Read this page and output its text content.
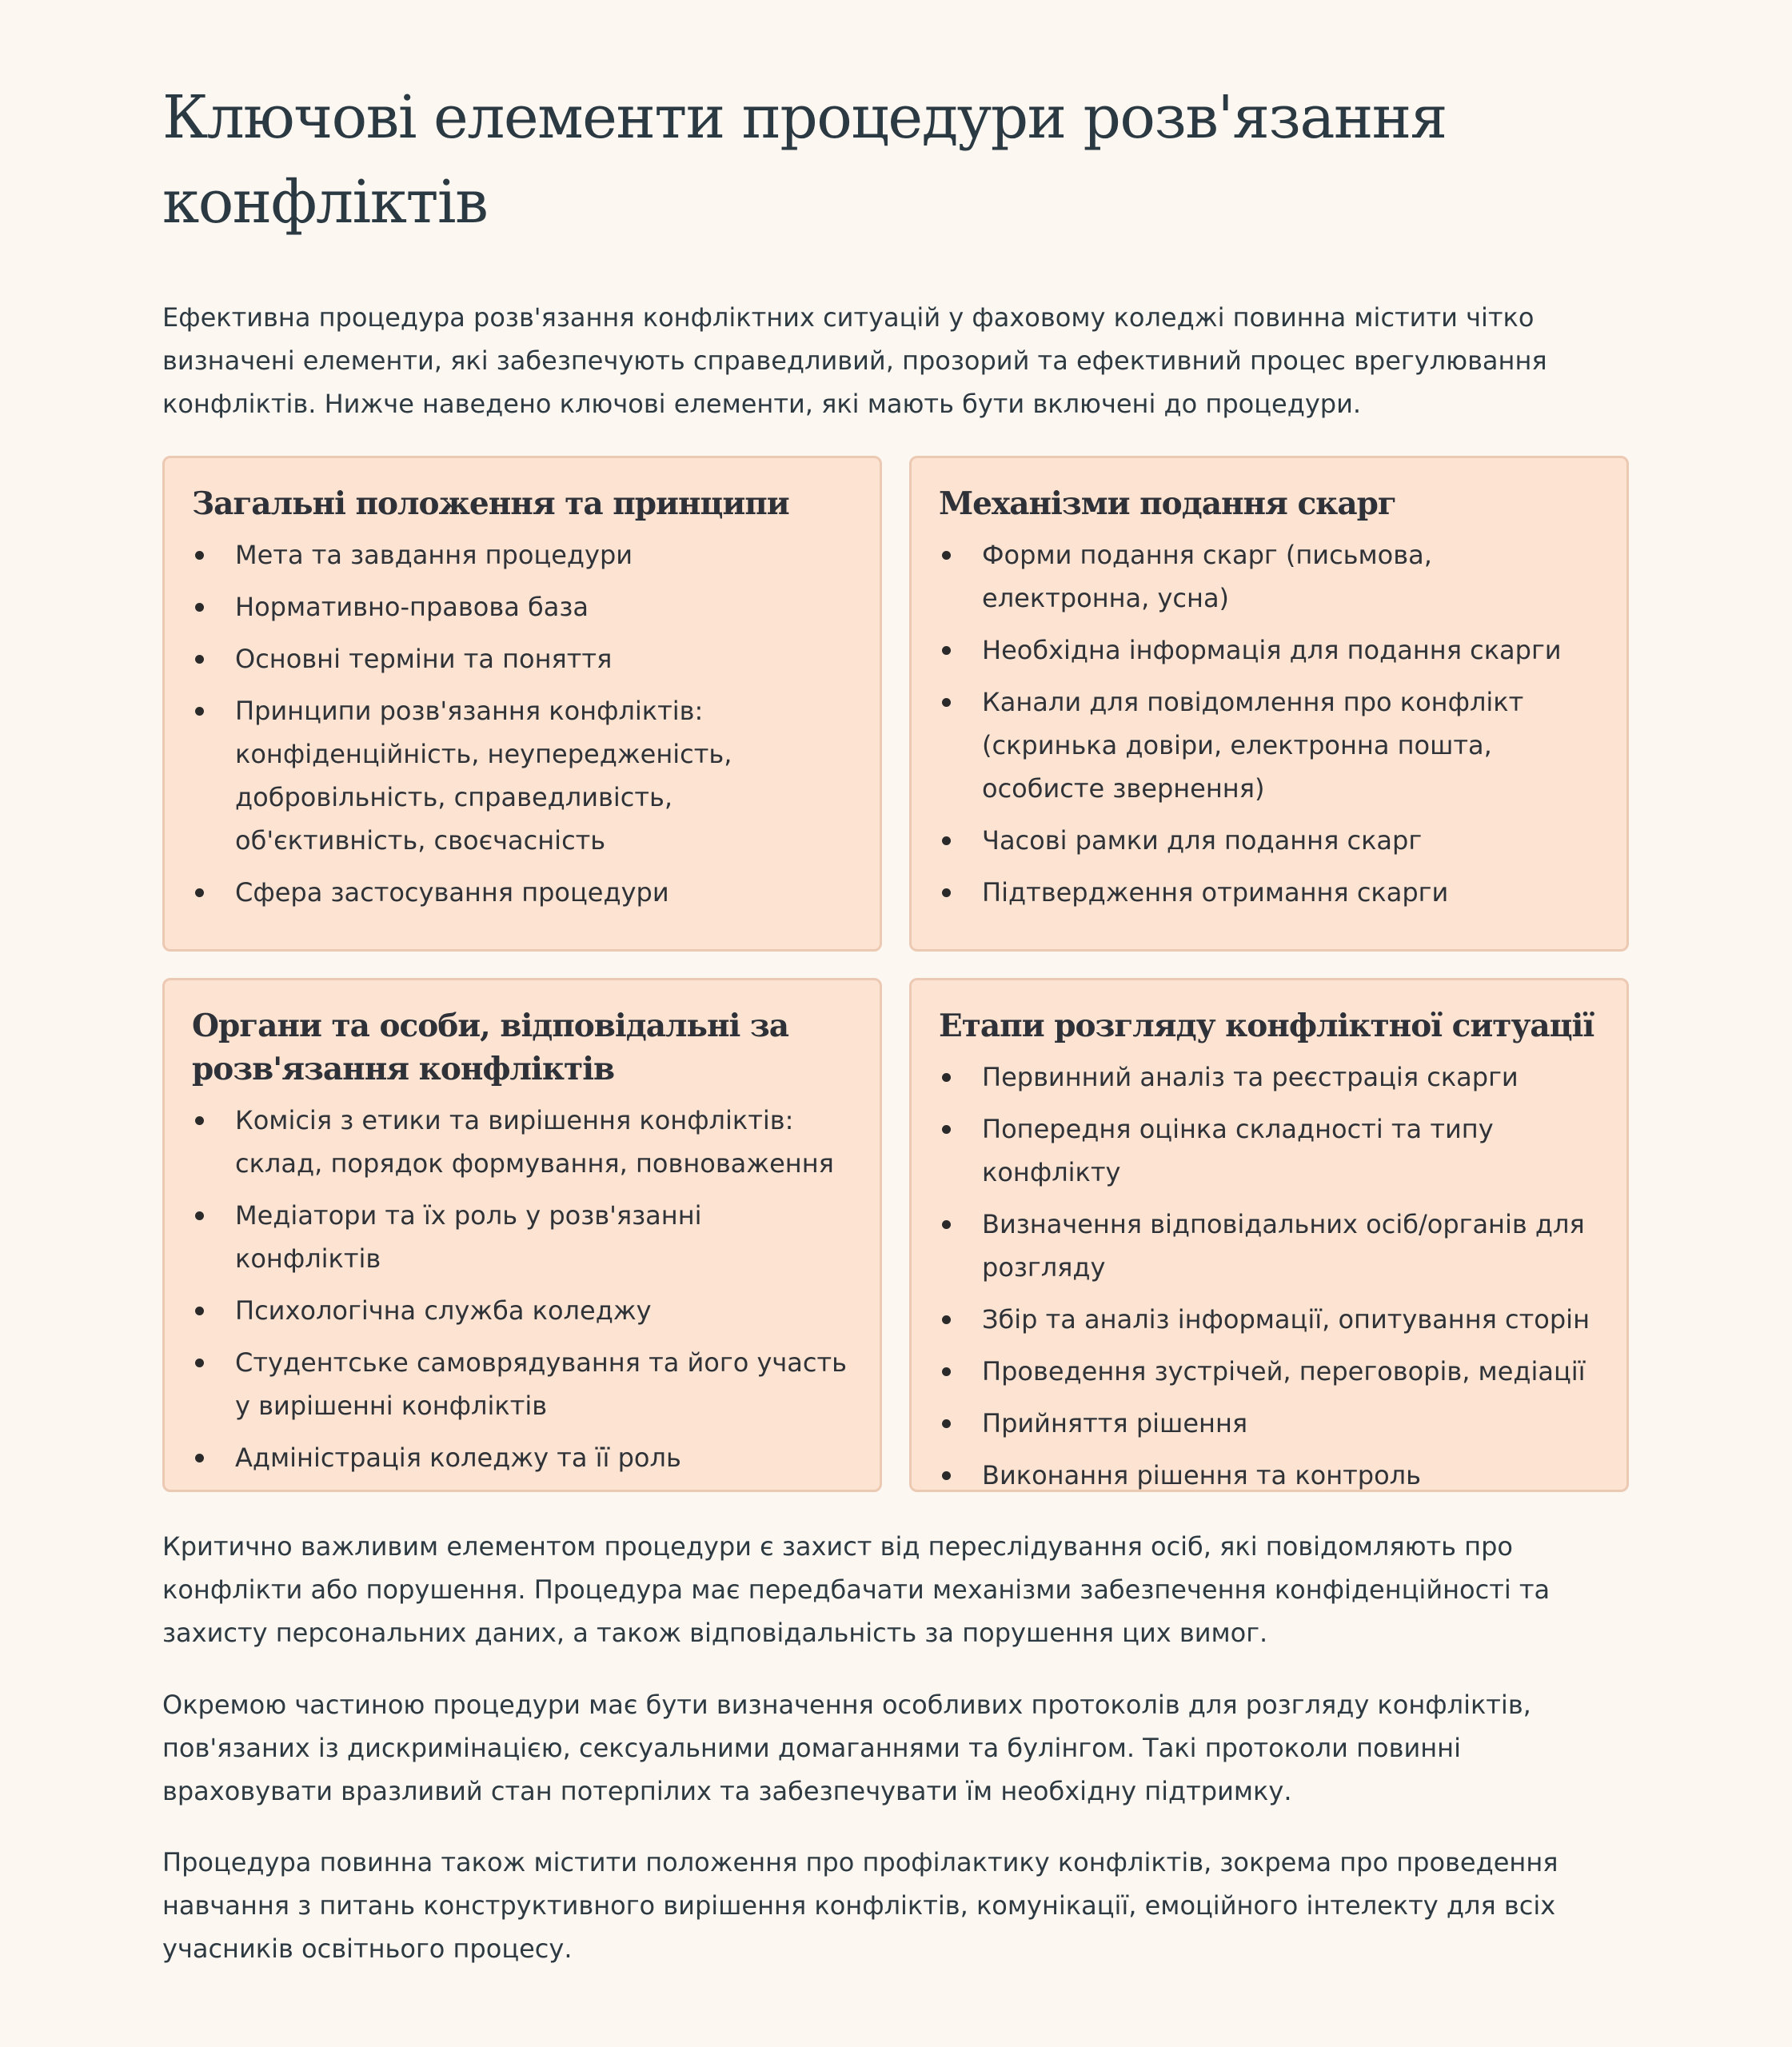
Ключові елементи процедури розв'язання конфліктів

Ефективна процедура розв'язання конфліктних ситуацій у фаховому коледжі повинна містити чітко визначені елементи, які забезпечують справедливий, прозорий та ефективний процес врегулювання конфліктів. Нижче наведено ключові елементи, які мають бути включені до процедури.

Загальні положення та принципи
Мета та завдання процедури
Нормативно-правова база
Основні терміни та поняття
Принципи розв'язання конфліктів: конфіденційність, неупередженість, добровільність, справедливість, об'єктивність, своєчасність
Сфера застосування процедури
Механізми подання скарг
Форми подання скарг (письмова, електронна, усна)
Необхідна інформація для подання скарги
Канали для повідомлення про конфлікт (скринька довіри, електронна пошта, особисте звернення)
Часові рамки для подання скарг
Підтвердження отримання скарги
Органи та особи, відповідальні за розв'язання конфліктів
Комісія з етики та вирішення конфліктів: склад, порядок формування, повноваження
Медіатори та їх роль у розв'язанні конфліктів
Психологічна служба коледжу
Студентське самоврядування та його участь у вирішенні конфліктів
Адміністрація коледжу та її роль
Етапи розгляду конфліктної ситуації
Первинний аналіз та реєстрація скарги
Попередня оцінка складності та типу конфлікту
Визначення відповідальних осіб/органів для розгляду
Збір та аналіз інформації, опитування сторін
Проведення зустрічей, переговорів, медіації
Прийняття рішення
Виконання рішення та контроль

Критично важливим елементом процедури є захист від переслідування осіб, які повідомляють про конфлікти або порушення. Процедура має передбачати механізми забезпечення конфіденційності та захисту персональних даних, а також відповідальність за порушення цих вимог.

Окремою частиною процедури має бути визначення особливих протоколів для розгляду конфліктів, пов'язаних із дискримінацією, сексуальними домаганнями та булінгом. Такі протоколи повинні враховувати вразливий стан потерпілих та забезпечувати їм необхідну підтримку.

Процедура повинна також містити положення про профілактику конфліктів, зокрема про проведення навчання з питань конструктивного вирішення конфліктів, комунікації, емоційного інтелекту для всіх учасників освітнього процесу.
